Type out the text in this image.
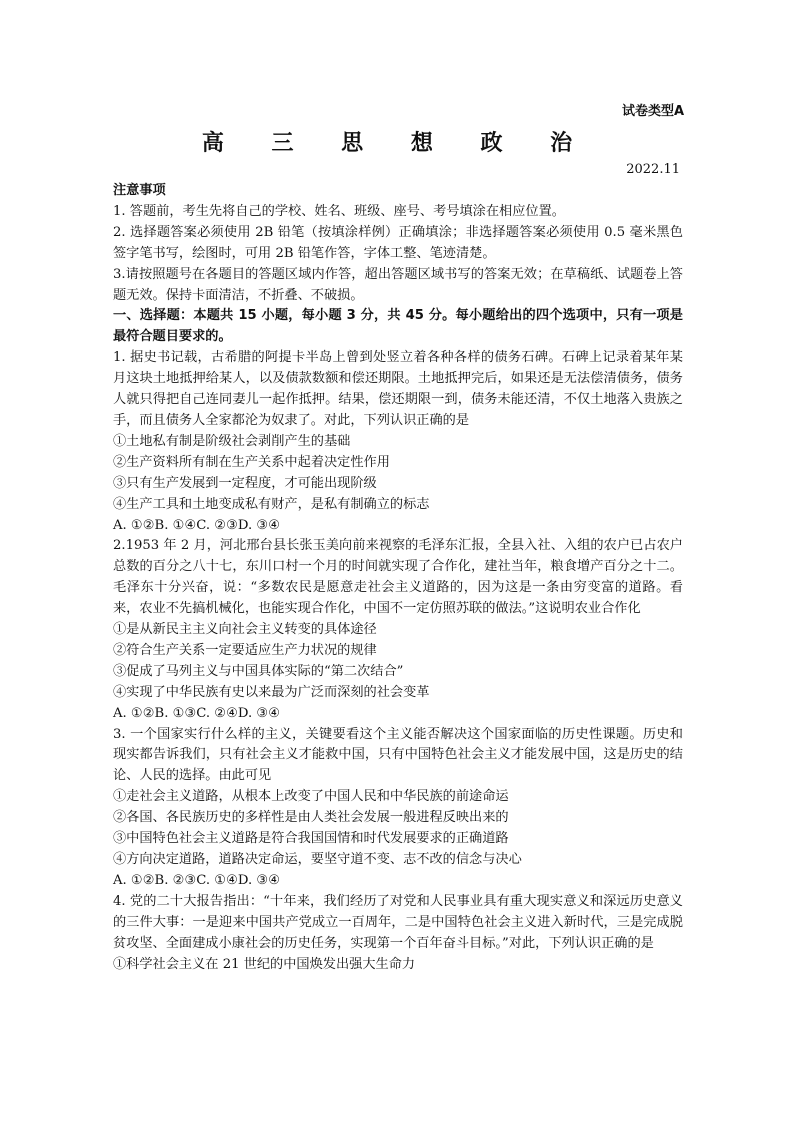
试卷类型A
高 三 思 想 政 治
2022.11

注意事项

1. 答题前，考生先将自己的学校、姓名、班级、座号、考号填涂在相应位置。

2. 选择题答案必须使用 2B 铅笔（按填涂样例）正确填涂；非选择题答案必须使用 0.5 毫米黑色签字笔书写，绘图时，可用 2B 铅笔作答，字体工整、笔迹清楚。

3.请按照题号在各题目的答题区域内作答，超出答题区域书写的答案无效；在草稿纸、试题卷上答题无效。保持卡面清洁，不折叠、不破损。

一、选择题：本题共 15 小题，每小题 3 分，共 45 分。每小题给出的四个选项中，只有一项是最符合题目要求的。

1. 据史书记载，古希腊的阿提卡半岛上曾到处竖立着各种各样的债务石碑。石碑上记录着某年某月这块土地抵押给某人，以及债款数额和偿还期限。土地抵押完后，如果还是无法偿清债务，债务人就只得把自己连同妻儿一起作抵押。结果，偿还期限一到，债务未能还清，不仅土地落入贵族之手，而且债务人全家都沦为奴隶了。对此，下列认识正确的是

①土地私有制是阶级社会剥削产生的基础

②生产资料所有制在生产关系中起着决定性作用

③只有生产发展到一定程度，才可能出现阶级

④生产工具和土地变成私有财产，是私有制确立的标志

A. ①②B. ①④C. ②③D. ③④

2.1953 年 2 月，河北邢台县长张玉美向前来视察的毛泽东汇报，全县入社、入组的农户已占农户总数的百分之八十七，东川口村一个月的时间就实现了合作化，建社当年，粮食增产百分之十二。毛泽东十分兴奋，说：“多数农民是愿意走社会主义道路的，因为这是一条由穷变富的道路。看来，农业不先搞机械化，也能实现合作化，中国不一定仿照苏联的做法。”这说明农业合作化

①是从新民主主义向社会主义转变的具体途径

②符合生产关系一定要适应生产力状况的规律

③促成了马列主义与中国具体实际的“第二次结合”

④实现了中华民族有史以来最为广泛而深刻的社会变革

A. ①②B. ①③C. ②④D. ③④

3. 一个国家实行什么样的主义，关键要看这个主义能否解决这个国家面临的历史性课题。历史和现实都告诉我们，只有社会主义才能救中国，只有中国特色社会主义才能发展中国，这是历史的结论、人民的选择。由此可见

①走社会主义道路，从根本上改变了中国人民和中华民族的前途命运

②各国、各民族历史的多样性是由人类社会发展一般进程反映出来的

③中国特色社会主义道路是符合我国国情和时代发展要求的正确道路

④方向决定道路，道路决定命运，要坚守道不变、志不改的信念与决心

A. ①②B. ②③C. ①④D. ③④

4. 党的二十大报告指出：“十年来，我们经历了对党和人民事业具有重大现实意义和深远历史意义的三件大事：一是迎来中国共产党成立一百周年，二是中国特色社会主义进入新时代，三是完成脱贫攻坚、全面建成小康社会的历史任务，实现第一个百年奋斗目标。”对此，下列认识正确的是

①科学社会主义在 21 世纪的中国焕发出强大生命力
